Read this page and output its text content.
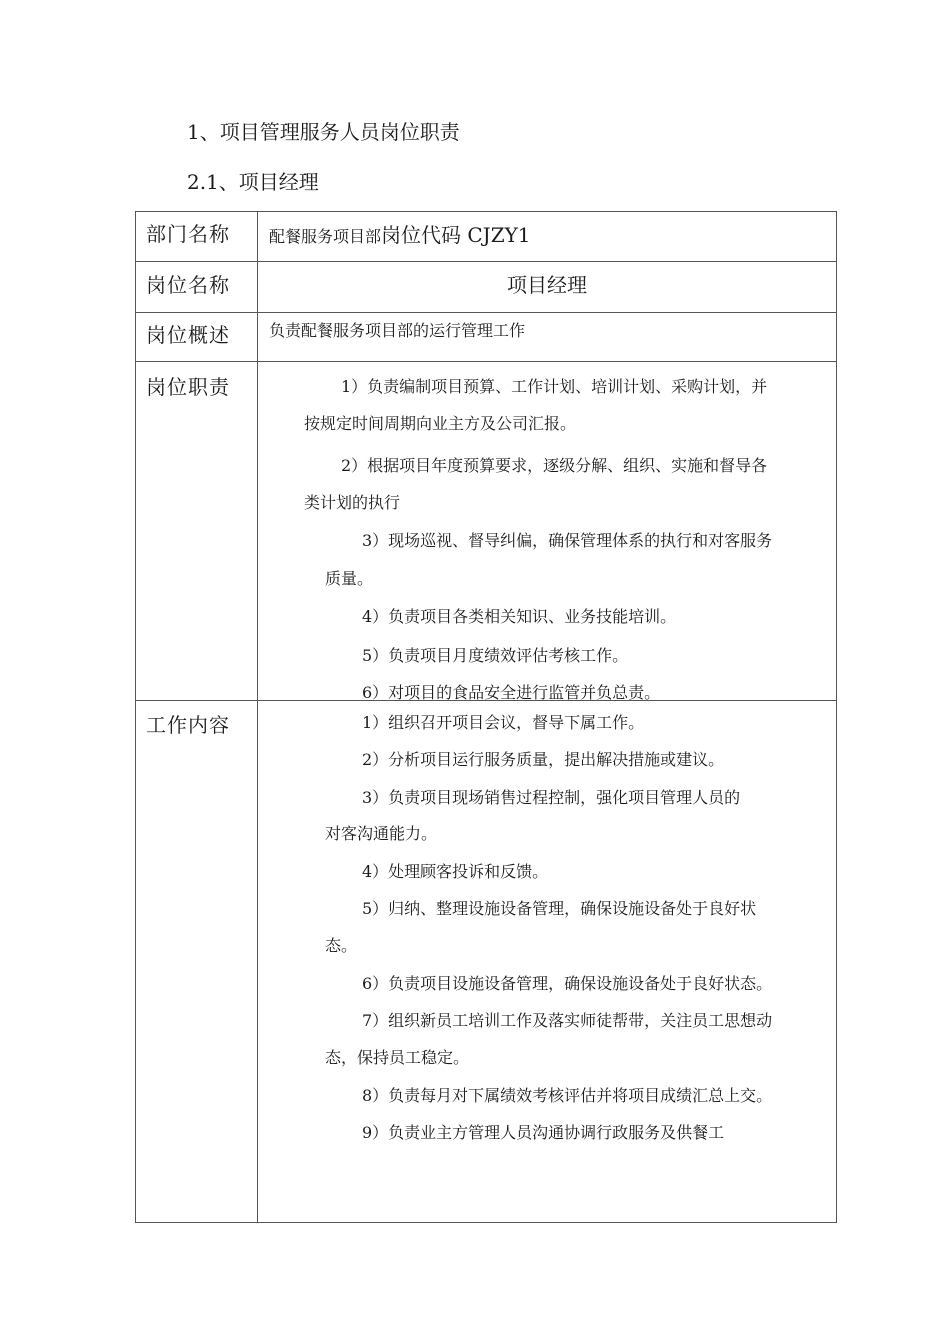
1、项目管理服务人员岗位职责
2.1、项目经理
部门名称 配餐服务项目部岗位代码 CJZY1
岗位名称	项目经理
岗位概述 负责配餐服务项目部的运行管理工作
岗位职责	1）负责编制项目预算、工作计划、培训计划、采购计划，并
按规定时间周期向业主方及公司汇报。
2）根据项目年度预算要求，逐级分解、组织、实施和督导各
类计划的执行
3）现场巡视、督导纠偏，确保管理体系的执行和对客服务
质量。
4）负责项目各类相关知识、业务技能培训。
5）负责项目月度绩效评估考核工作。
6）对项目的食品安全进行监管并负总责。
工作内容	1）组织召开项目会议，督导下属工作。
2）分析项目运行服务质量，提出解决措施或建议。
3）负责项目现场销售过程控制，强化项目管理人员的
对客沟通能力。
4）处理顾客投诉和反馈。
5）归纳、整理设施设备管理，确保设施设备处于良好状
态。
6）负责项目设施设备管理，确保设施设备处于良好状态。
7）组织新员工培训工作及落实师徒帮带，关注员工思想动
态，保持员工稳定。
8）负责每月对下属绩效考核评估并将项目成绩汇总上交。
9）负责业主方管理人员沟通协调行政服务及供餐工
